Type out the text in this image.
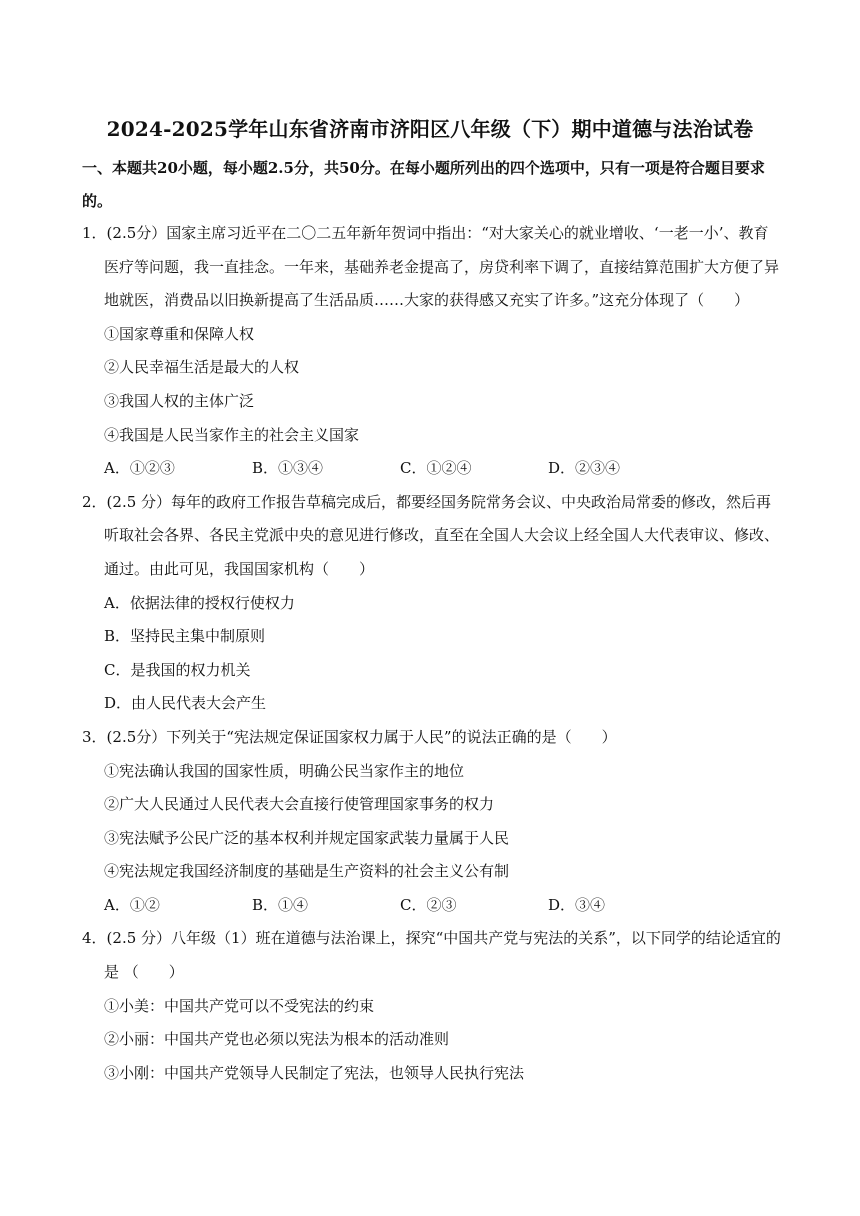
2024-2025学年山东省济南市济阳区八年级（下）期中道德与法治试卷
一、本题共20小题，每小题2.5分，共50分。在每小题所列出的四个选项中，只有一项是符合题目要求的。
1．(2.5分）国家主席习近平在二〇二五年新年贺词中指出：“对大家关心的就业增收、‘一老一小’、教育医疗等问题，我一直挂念。一年来，基础养老金提高了，房贷利率下调了，直接结算范围扩大方便了异地就医，消费品以旧换新提高了生活品质……大家的获得感又充实了许多。”这充分体现了（　　）
①国家尊重和保障人权
②人民幸福生活是最大的人权
③我国人权的主体广泛
④我国是人民当家作主的社会主义国家
A．①②③	B．①③④	C．①②④	D．②③④
2．(2.5 分）每年的政府工作报告草稿完成后，都要经国务院常务会议、中央政治局常委的修改，然后再听取社会各界、各民主党派中央的意见进行修改，直至在全国人大会议上经全国人大代表审议、修改、通过。由此可见，我国国家机构（　　）
A．依据法律的授权行使权力
B．坚持民主集中制原则
C．是我国的权力机关
D．由人民代表大会产生
3．(2.5分）下列关于“宪法规定保证国家权力属于人民”的说法正确的是（　　）
①宪法确认我国的国家性质，明确公民当家作主的地位
②广大人民通过人民代表大会直接行使管理国家事务的权力
③宪法赋予公民广泛的基本权利并规定国家武装力量属于人民
④宪法规定我国经济制度的基础是生产资料的社会主义公有制
A．①②	B．①④	C．②③	D．③④
4．(2.5 分）八年级（1）班在道德与法治课上，探究“中国共产党与宪法的关系”，以下同学的结论适宜的是 （　　）
①小美：中国共产党可以不受宪法的约束
②小丽：中国共产党也必须以宪法为根本的活动准则
③小刚：中国共产党领导人民制定了宪法，也领导人民执行宪法
